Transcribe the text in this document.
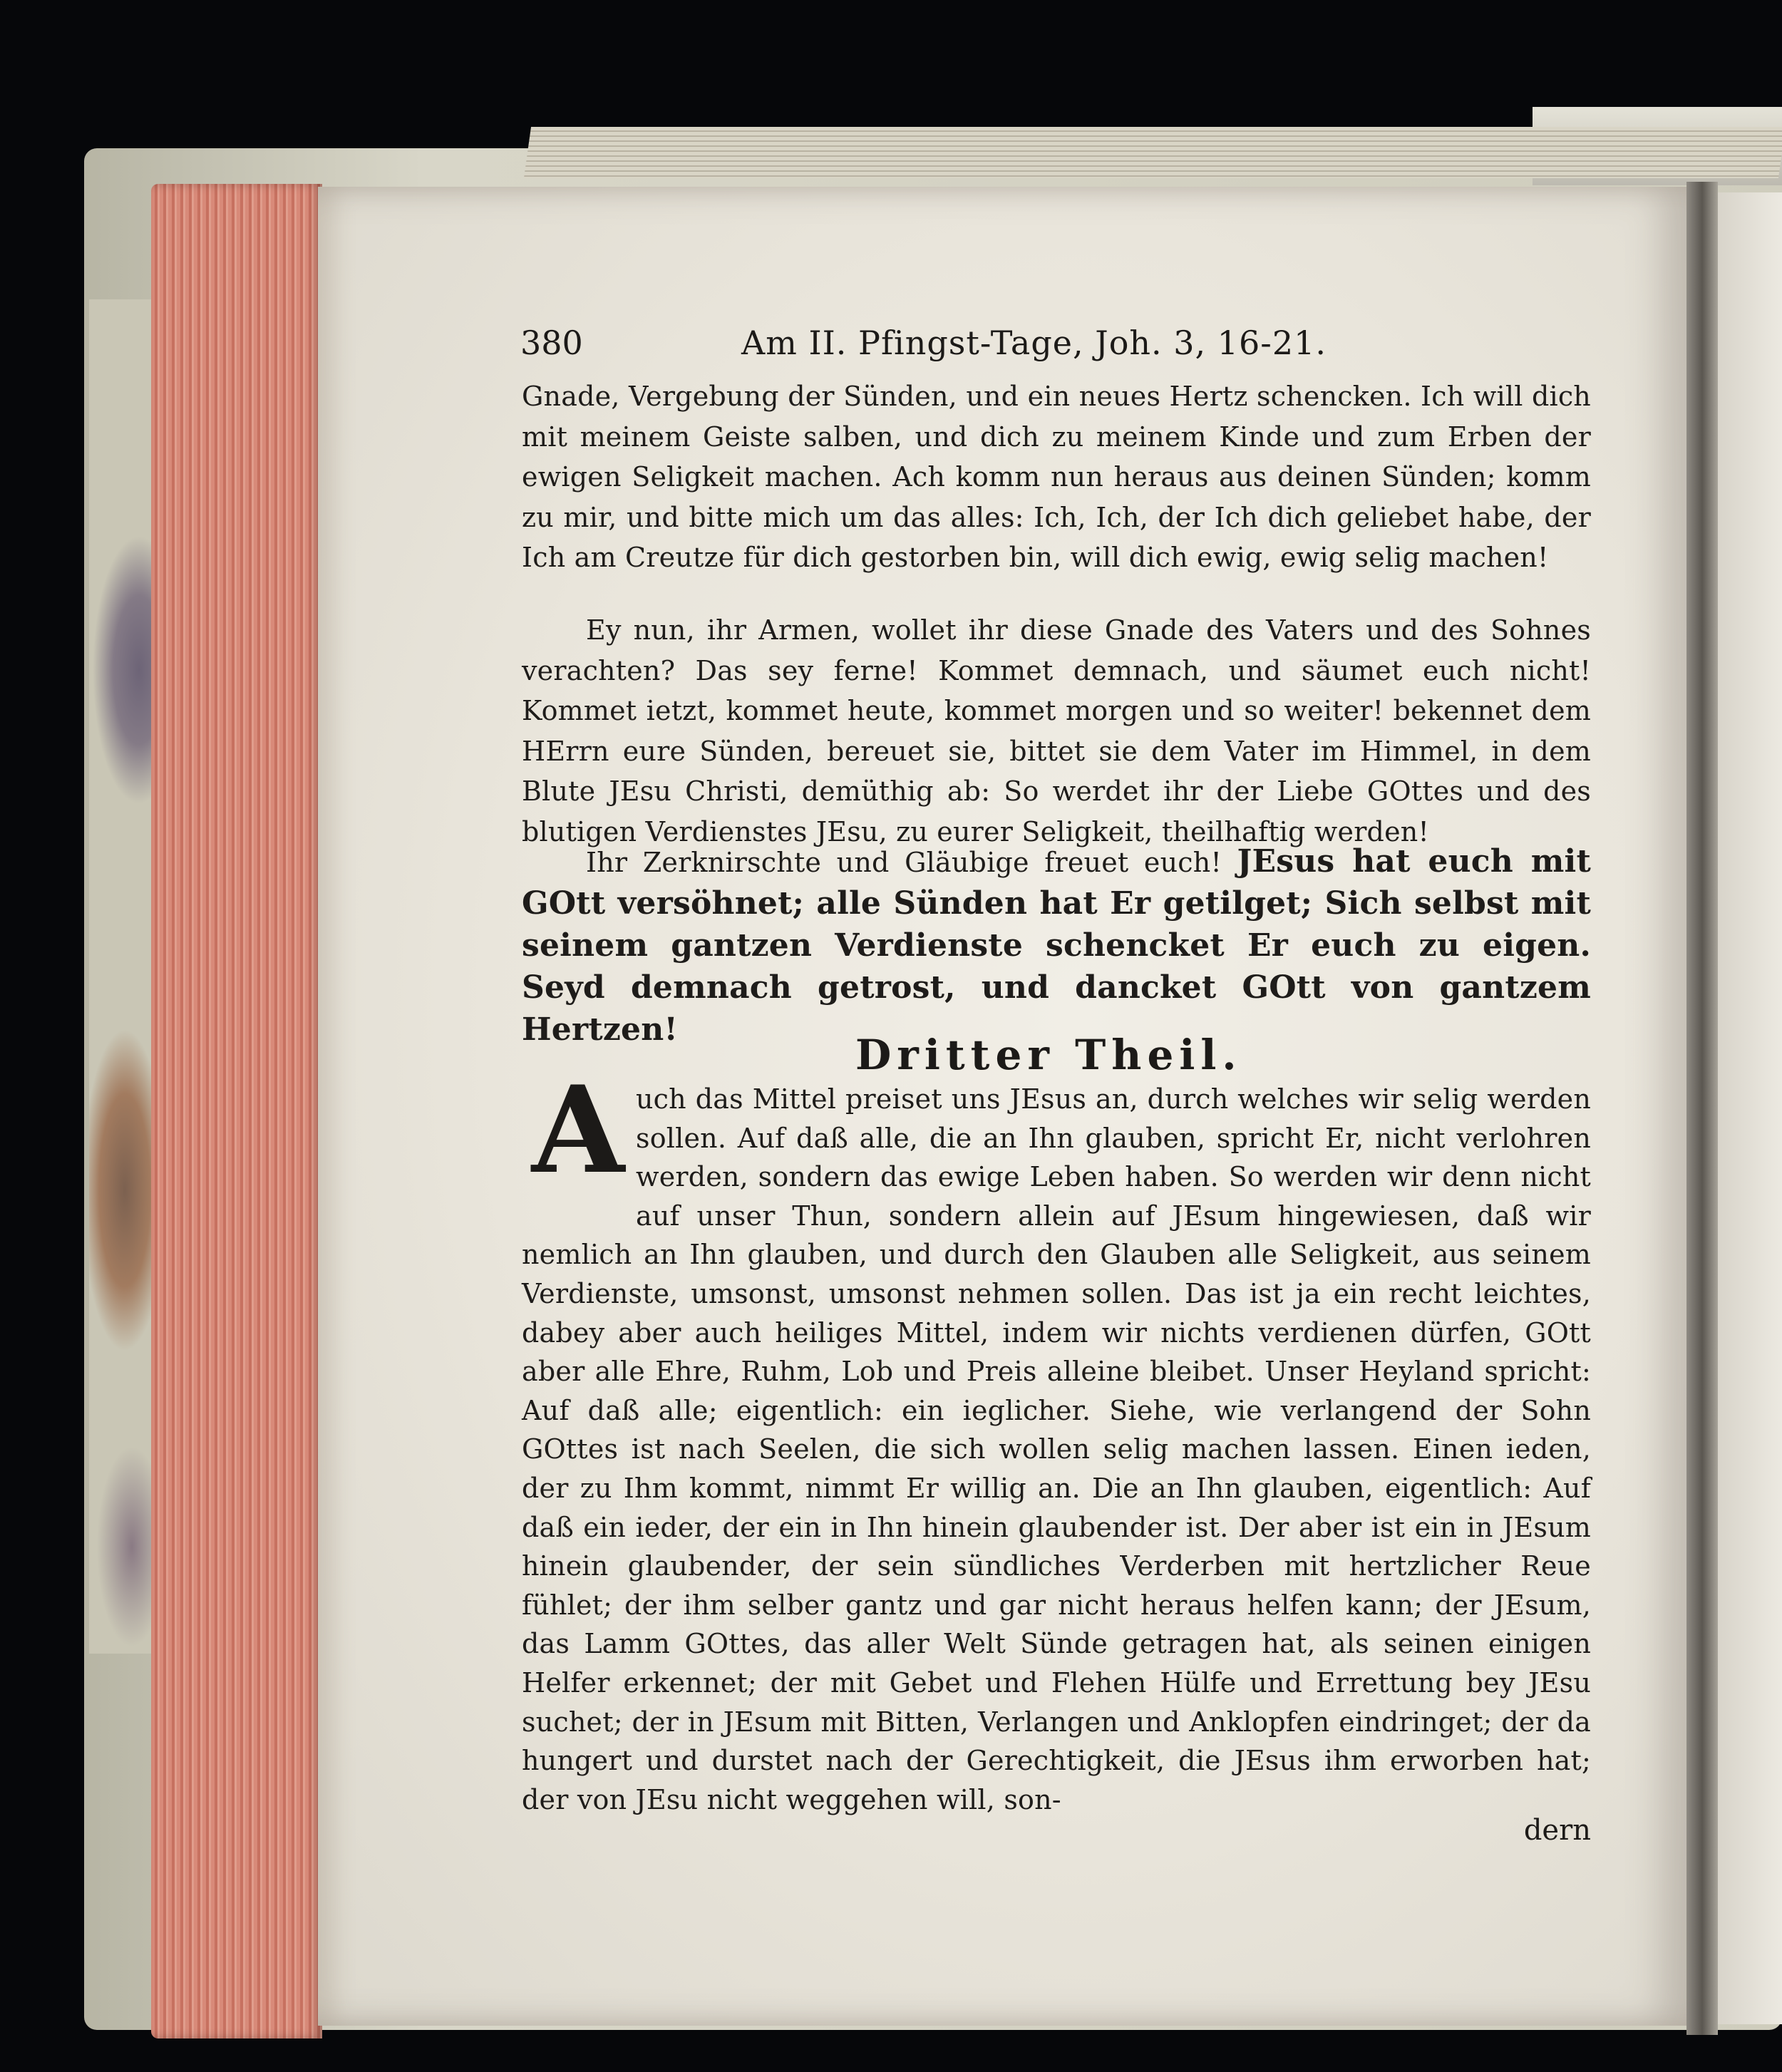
380	Am II. Pfingst-Tage, Joh. 3, 16-21.
Gnade, Vergebung der Sünden, und ein neues Hertz schencken. Ich will dich mit meinem Geiste salben, und dich zu meinem Kinde und zum Erben der ewigen Seligkeit machen. Ach komm nun heraus aus deinen Sünden; komm zu mir, und bitte mich um das alles: Ich, Ich, der Ich dich geliebet habe, der Ich am Creutze für dich gestorben bin, will dich ewig, ewig selig machen!
Ey nun, ihr Armen, wollet ihr diese Gnade des Vaters und des Sohnes verachten? Das sey ferne! Kommet demnach, und säumet euch nicht! Kommet ietzt, kommet heute, kommet morgen und so weiter! bekennet dem HErrn eure Sünden, bereuet sie, bittet sie dem Vater im Himmel, in dem Blute JEsu Christi, demüthig ab: So werdet ihr der Liebe GOttes und des blutigen Verdienstes JEsu, zu eurer Seligkeit, theilhaftig werden!
Ihr Zerknirschte und Gläubige freuet euch! JEsus hat euch mit GOtt versöhnet; alle Sünden hat Er getilget; Sich selbst mit seinem gantzen Verdienste schencket Er euch zu eigen. Seyd demnach getrost, und dancket GOtt von gantzem Hertzen!
Dritter Theil.
A uch das Mittel preiset uns JEsus an, durch welches wir selig werden sollen. Auf daß alle, die an Ihn glauben, spricht Er, nicht verlohren werden, sondern das ewige Leben haben. So werden wir denn nicht auf unser Thun, sondern allein auf JEsum hingewiesen, daß wir nemlich an Ihn glauben, und durch den Glauben alle Seligkeit, aus seinem Verdienste, umsonst, umsonst nehmen sollen. Das ist ja ein recht leichtes, dabey aber auch heiliges Mittel, indem wir nichts verdienen dürfen, GOtt aber alle Ehre, Ruhm, Lob und Preis alleine bleibet. Unser Heyland spricht: Auf daß alle; eigentlich: ein ieglicher. Siehe, wie verlangend der Sohn GOttes ist nach Seelen, die sich wollen selig machen lassen. Einen ieden, der zu Ihm kommt, nimmt Er willig an. Die an Ihn glauben, eigentlich: Auf daß ein ieder, der ein in Ihn hinein glaubender ist. Der aber ist ein in JEsum hinein glaubender, der sein sündliches Verderben mit hertzlicher Reue fühlet; der ihm selber gantz und gar nicht heraus helfen kann; der JEsum, das Lamm GOttes, das aller Welt Sünde getragen hat, als seinen einigen Helfer erkennet; der mit Gebet und Flehen Hülfe und Errettung bey JEsu suchet; der in JEsum mit Bitten, Verlangen und Anklopfen eindringet; der da hungert und durstet nach der Gerechtigkeit, die JEsus ihm erworben hat; der von JEsu nicht weggehen will, son-
dern
